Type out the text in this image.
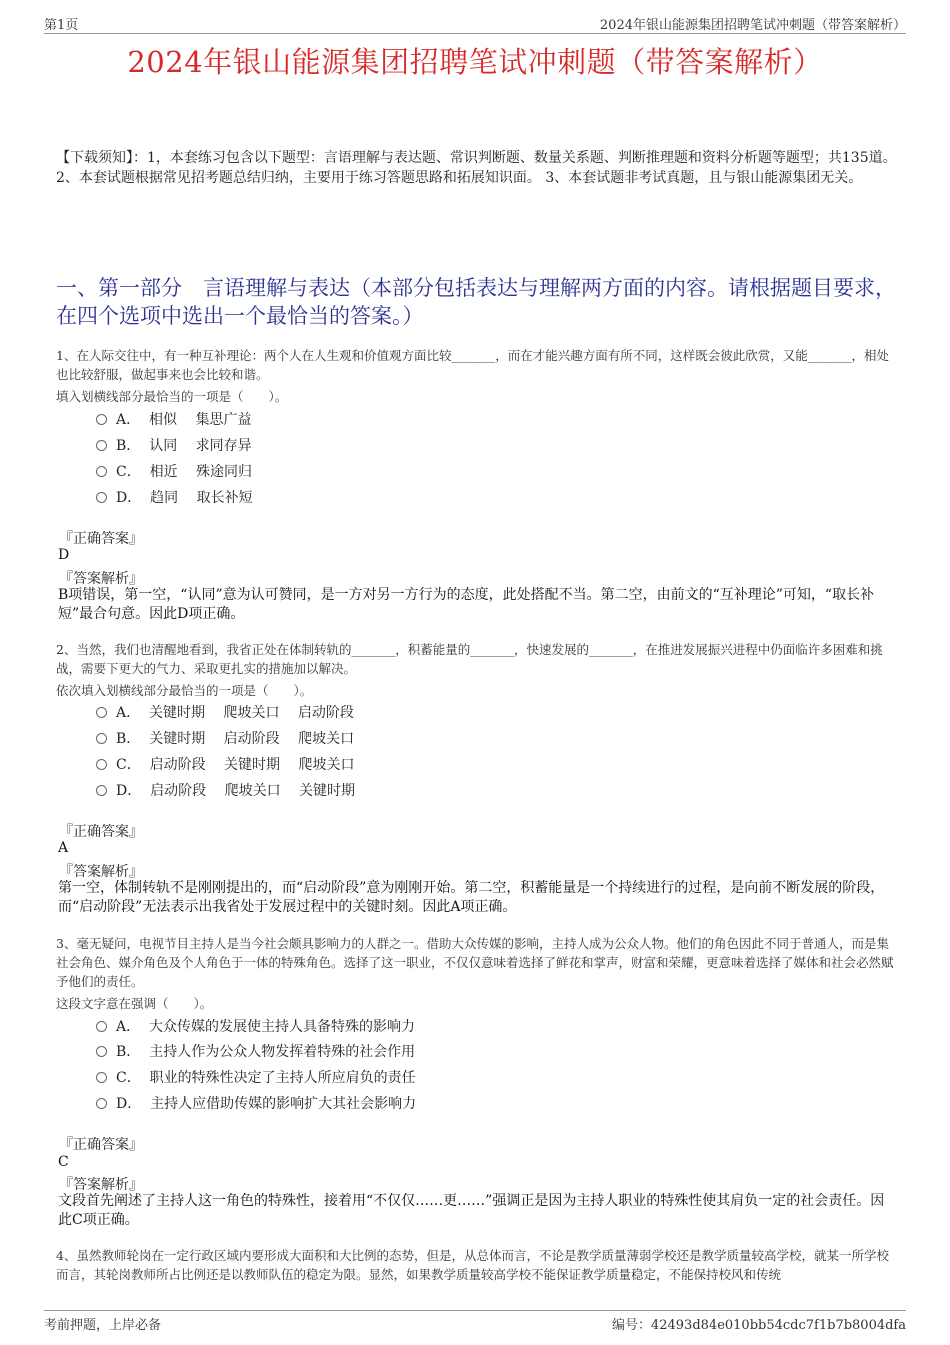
第1页	2024年银山能源集团招聘笔试冲刺题（带答案解析）
2024年银山能源集团招聘笔试冲刺题（带答案解析）
【下载须知】：1，本套练习包含以下题型：言语理解与表达题、常识判断题、数量关系题、判断推理题和资料分析题等题型；共135道。 2、本套试题根据常见招考题总结归纳，主要用于练习答题思路和拓展知识面。 3、本套试题非考试真题，且与银山能源集团无关。
一、第一部分　言语理解与表达（本部分包括表达与理解两方面的内容。请根据题目要求，在四个选项中选出一个最恰当的答案。）
1、在人际交往中，有一种互补理论：两个人在人生观和价值观方面比较_______，而在才能兴趣方面有所不同，这样既会彼此欣赏，又能_______，相处也比较舒服，做起事来也会比较和谐。
填入划横线部分最恰当的一项是（　　）。
A．  相似　 集思广益
B．  认同　 求同存异
C．  相近　 殊途同归
D．  趋同　 取长补短
『正确答案』
D
『答案解析』
B项错误，第一空，“认同”意为认可赞同，是一方对另一方行为的态度，此处搭配不当。第二空，由前文的“互补理论”可知，“取长补短”最合句意。因此D项正确。
2、当然，我们也清醒地看到，我省正处在体制转轨的_______，积蓄能量的_______，快速发展的_______，在推进发展振兴进程中仍面临许多困难和挑战，需要下更大的气力、采取更扎实的措施加以解决。
依次填入划横线部分最恰当的一项是（　　）。
A．  关键时期　 爬坡关口　 启动阶段
B．  关键时期　 启动阶段　 爬坡关口
C．  启动阶段　 关键时期　 爬坡关口
D．  启动阶段　 爬坡关口　 关键时期
『正确答案』
A
『答案解析』
第一空，体制转轨不是刚刚提出的，而“启动阶段”意为刚刚开始。第二空，积蓄能量是一个持续进行的过程，是向前不断发展的阶段，而“启动阶段”无法表示出我省处于发展过程中的关键时刻。因此A项正确。
3、毫无疑问，电视节目主持人是当今社会颇具影响力的人群之一。借助大众传媒的影响，主持人成为公众人物。他们的角色因此不同于普通人，而是集社会角色、媒介角色及个人角色于一体的特殊角色。选择了这一职业，不仅仅意味着选择了鲜花和掌声，财富和荣耀，更意味着选择了媒体和社会必然赋予他们的责任。
这段文字意在强调（　　）。
A．  大众传媒的发展使主持人具备特殊的影响力
B．  主持人作为公众人物发挥着特殊的社会作用
C．  职业的特殊性决定了主持人所应肩负的责任
D．  主持人应借助传媒的影响扩大其社会影响力
『正确答案』
C
『答案解析』
文段首先阐述了主持人这一角色的特殊性，接着用“不仅仅……更……”强调正是因为主持人职业的特殊性使其肩负一定的社会责任。因此C项正确。
4、虽然教师轮岗在一定行政区域内要形成大面积和大比例的态势，但是，从总体而言，不论是教学质量薄弱学校还是教学质量较高学校，就某一所学校而言，其轮岗教师所占比例还是以教师队伍的稳定为限。显然，如果教学质量较高学校不能保证教学质量稳定，不能保持校风和传统
考前押题，上岸必备	编号：42493d84e010bb54cdc7f1b7b8004dfa
